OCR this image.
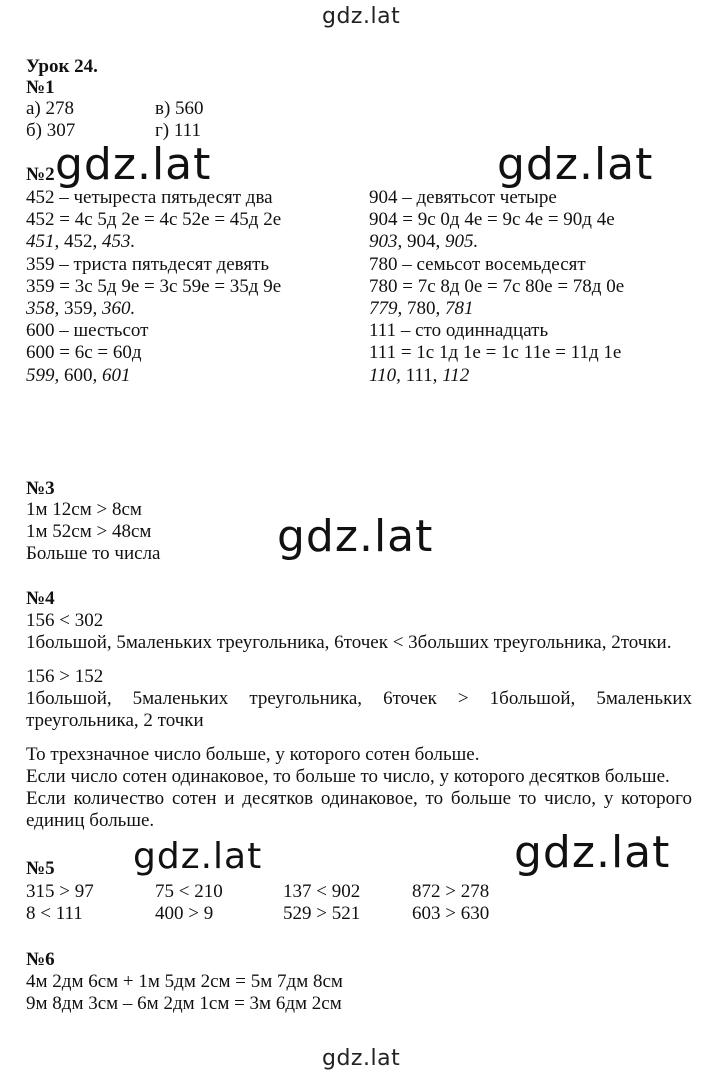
gdz.lat
gdz.lat
Урок 24.
№1
а) 278	в) 560
б) 307	г) 111
№2
452 – четыреста пятьдесят два
452 = 4с 5д 2е = 4с 52е = 45д 2е
451, 452, 453.
359 – триста пятьдесят девять
359 = 3с 5д 9е = 3с 59е = 35д 9е
358, 359, 360.
600 – шестьсот
600 = 6с = 60д
599, 600, 601
904 – девятьсот четыре
904 = 9с 0д 4е = 9с 4е = 90д 4е
903, 904, 905.
780 – семьсот восемьдесят
780 = 7с 8д 0е = 7с 80е = 78д 0е
779, 780, 781
111 – сто одиннадцать
111 = 1с 1д 1е = 1с 11е = 11д 1е
110, 111, 112
№3
1м 12см > 8см
1м 52см > 48см
Больше то числа
№4
156 < 302
1большой, 5маленьких треугольника, 6точек < 3больших треугольника, 2точки.
156 > 152
1большой, 5маленьких треугольника, 6точек > 1большой, 5маленьких
треугольника, 2 точки
То трехзначное число больше, у которого сотен больше.
Если число сотен одинаковое, то больше то число, у которого десятков больше.
Если количество сотен и десятков одинаковое, то больше то число, у которого
единиц больше.
№5
315 > 97	75 < 210	137 < 902	872 > 278
8 < 111	400 > 9	529 > 521	603 > 630
№6
4м 2дм 6см + 1м 5дм 2см = 5м 7дм 8см
9м 8дм 3см – 6м 2дм 1см = 3м 6дм 2см
gdz.lat	gdz.lat
gdz.lat
gdz.lat	gdz.lat
